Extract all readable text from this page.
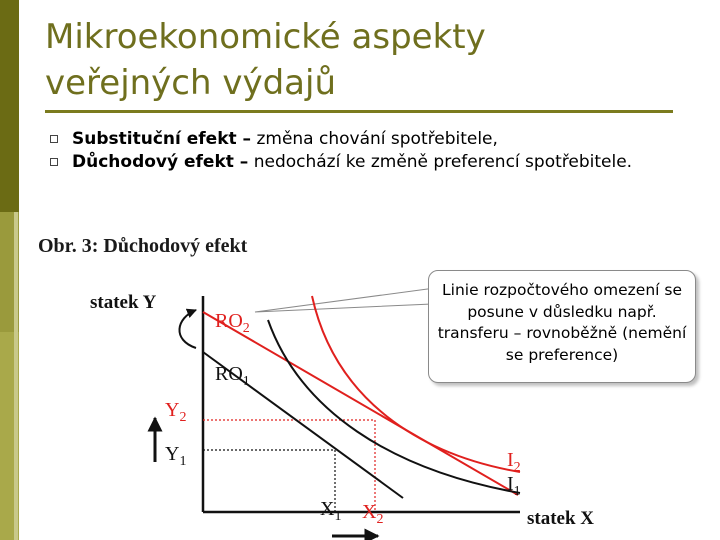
Mikroekonomické aspekty
veřejných výdajů
Substituční efekt – změna chování spotřebitele,
Důchodový efekt – nedochází ke změně preferencí spotřebitele.
Obr. 3: Důchodový efekt
statek Y
statek X
$RO_2$
$RO_1$
$Y_2$
$Y_1$
$X_1$ $X_2$
$I_2$
$I_1$
Linie rozpočtového omezení se posune v důsledku např. transferu – rovnoběžně (nemění se preference)
